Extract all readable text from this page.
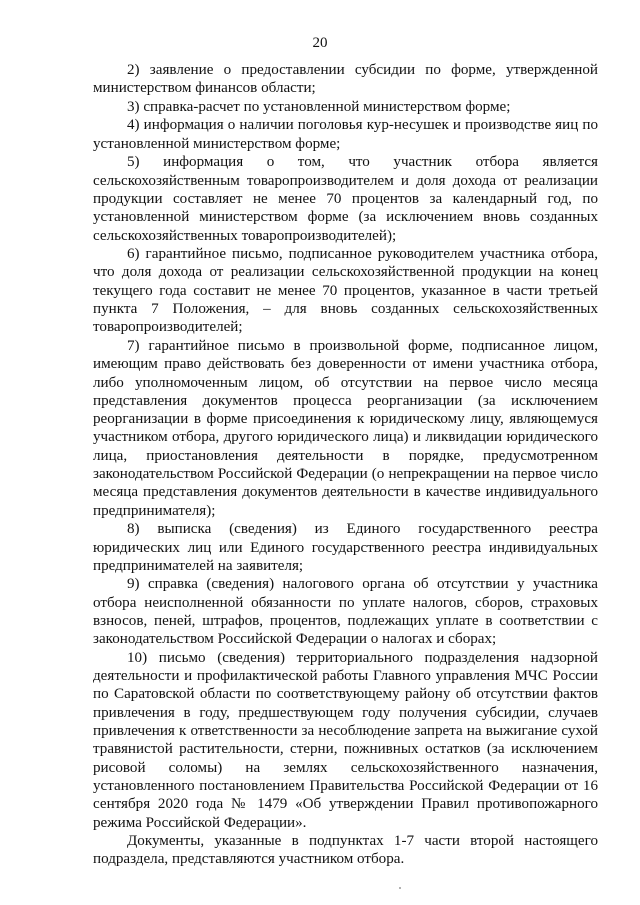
20

2) заявление о предоставлении субсидии по форме, утвержденной министерством финансов области;

3) справка-расчет по установленной министерством форме;

4) информация о наличии поголовья кур-несушек и производстве яиц по установленной министерством форме;

5) информация о том, что участник отбора является сельскохозяйственным товаропроизводителем и доля дохода от реализации продукции составляет не менее 70 процентов за календарный год, по установленной министерством форме (за исключением вновь созданных сельскохозяйственных товаропроизводителей);

6) гарантийное письмо, подписанное руководителем участника отбора, что доля дохода от реализации сельскохозяйственной продукции на конец текущего года составит не менее 70 процентов, указанное в части третьей пункта 7 Положения, – для вновь созданных сельскохозяйственных товаропроизводителей;

7) гарантийное письмо в произвольной форме, подписанное лицом, имеющим право действовать без доверенности от имени участника отбора, либо уполномоченным лицом, об отсутствии на первое число месяца представления документов процесса реорганизации (за исключением реорганизации в форме присоединения к юридическому лицу, являющемуся участником отбора, другого юридического лица) и ликвидации юридического лица, приостановления деятельности в порядке, предусмотренном законодательством Российской Федерации (о непрекращении на первое число месяца представления документов деятельности в качестве индивидуального предпринимателя);

8) выписка (сведения) из Единого государственного реестра юридических лиц или Единого государственного реестра индивидуальных предпринимателей на заявителя;

9) справка (сведения) налогового органа об отсутствии у участника отбора неисполненной обязанности по уплате налогов, сборов, страховых взносов, пеней, штрафов, процентов, подлежащих уплате в соответствии с законодательством Российской Федерации о налогах и сборах;

10) письмо (сведения) территориального подразделения надзорной деятельности и профилактической работы Главного управления МЧС России по Саратовской области по соответствующему району об отсутствии фактов привлечения в году, предшествующем году получения субсидии, случаев привлечения к ответственности за несоблюдение запрета на выжигание сухой травянистой растительности, стерни, пожнивных остатков (за исключением рисовой соломы) на землях сельскохозяйственного назначения, установленного постановлением Правительства Российской Федерации от 16 сентября 2020 года № 1479 «Об утверждении Правил противопожарного режима Российской Федерации».

Документы, указанные в подпунктах 1-7 части второй настоящего подраздела, представляются участником отбора.
